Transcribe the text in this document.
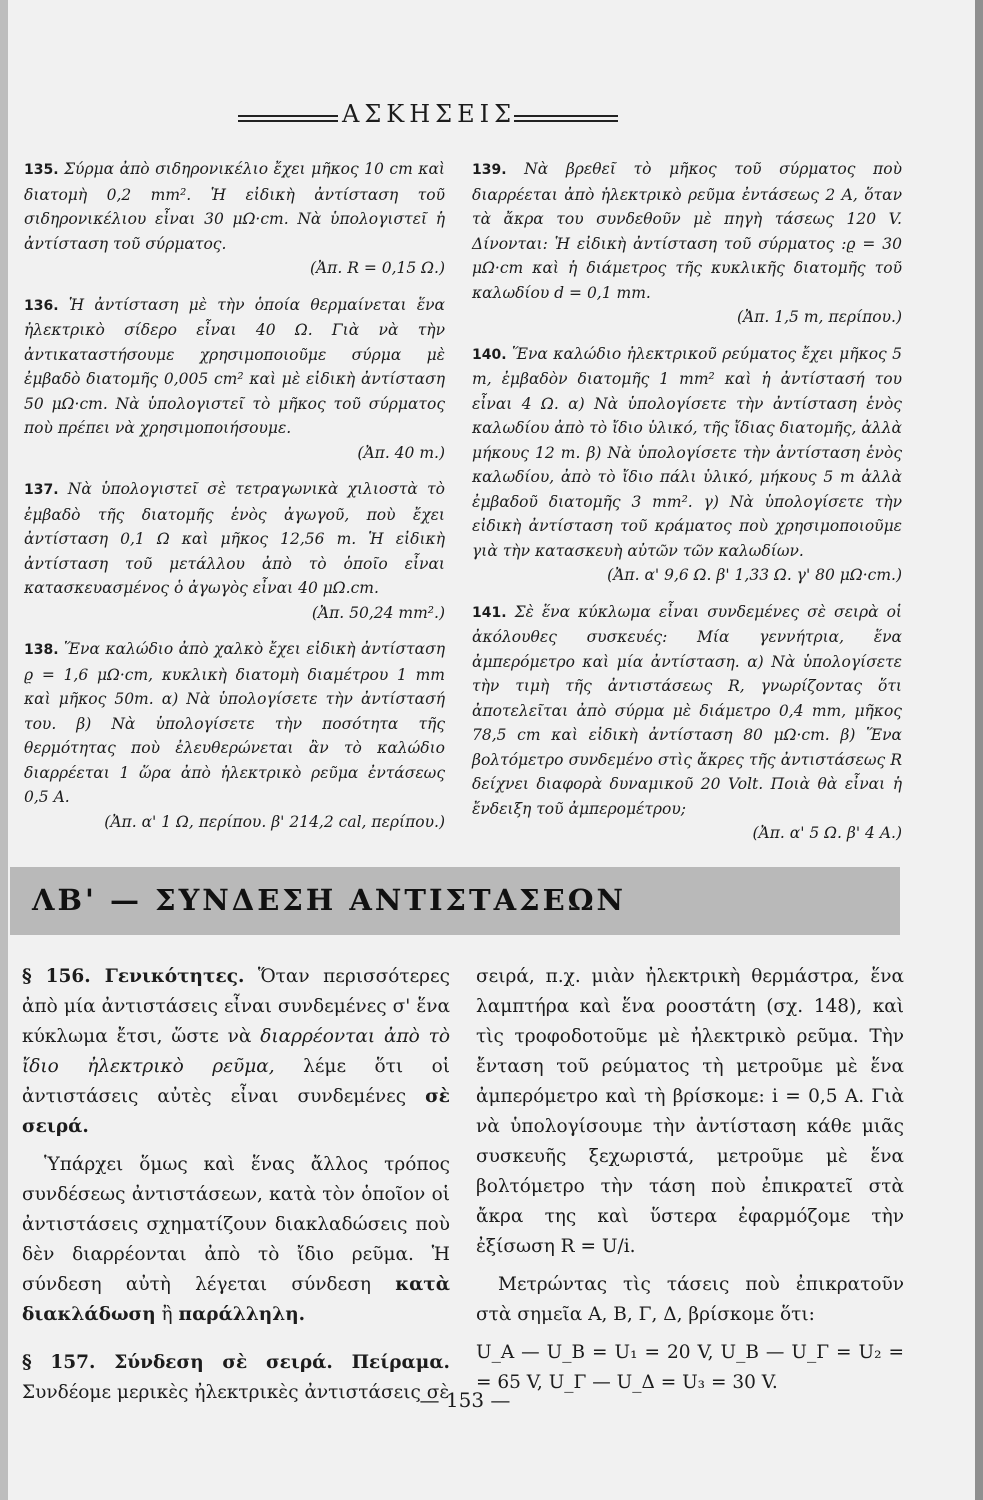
ΑΣΚΗΣΕΙΣ

135. Σύρμα ἀπὸ σιδηρονικέλιο ἔχει μῆκος 10 cm καὶ διατομὴ 0,2 mm². Ἡ εἰδικὴ ἀντίσταση τοῦ σιδηρονικέλιου εἶναι 30 μΩ·cm. Νὰ ὑπολογιστεῖ ἡ ἀντίσταση τοῦ σύρματος.
(Ἀπ. R = 0,15 Ω.)

136. Ἡ ἀντίσταση μὲ τὴν ὁποία θερμαίνεται ἕνα ἠλεκτρικὸ σίδερο εἶναι 40 Ω. Γιὰ νὰ τὴν ἀντικαταστήσουμε χρησιμοποιοῦμε σύρμα μὲ ἐμβαδὸ διατομῆς 0,005 cm² καὶ μὲ εἰδικὴ ἀντίσταση 50 μΩ·cm. Νὰ ὑπολογιστεῖ τὸ μῆκος τοῦ σύρματος ποὺ πρέπει νὰ χρησιμοποιήσουμε.
(Ἀπ. 40 m.)

137. Νὰ ὑπολογιστεῖ σὲ τετραγωνικὰ χιλιοστὰ τὸ ἐμβαδὸ τῆς διατομῆς ἑνὸς ἀγωγοῦ, ποὺ ἔχει ἀντίσταση 0,1 Ω καὶ μῆκος 12,56 m. Ἡ εἰδικὴ ἀντίσταση τοῦ μετάλλου ἀπὸ τὸ ὁποῖο εἶναι κατασκευασμένος ὁ ἀγωγὸς εἶναι 40 μΩ.cm.
(Ἀπ. 50,24 mm².)

138. Ἕνα καλώδιο ἀπὸ χαλκὸ ἔχει εἰδικὴ ἀντίσταση ϱ = 1,6 μΩ·cm, κυκλικὴ διατομὴ διαμέτρου 1 mm καὶ μῆκος 50m. α) Νὰ ὑπολογίσετε τὴν ἀντίστασή του. β) Νὰ ὑπολογίσετε τὴν ποσότητα τῆς θερμότητας ποὺ ἐλευθερώνεται ἂν τὸ καλώδιο διαρρέεται 1 ὥρα ἀπὸ ἠλεκτρικὸ ρεῦμα ἐντάσεως 0,5 A.
(Ἀπ. α' 1 Ω, περίπου. β' 214,2 cal, περίπου.)

139. Νὰ βρεθεῖ τὸ μῆκος τοῦ σύρματος ποὺ διαρρέεται ἀπὸ ἠλεκτρικὸ ρεῦμα ἐντάσεως 2 A, ὅταν τὰ ἄκρα του συνδεθοῦν μὲ πηγὴ τάσεως 120 V. Δίνονται: Ἡ εἰδικὴ ἀντίσταση τοῦ σύρματος :ϱ = 30 μΩ·cm καὶ ἡ διάμετρος τῆς κυκλικῆς διατομῆς τοῦ καλωδίου d = 0,1 mm.
(Ἀπ. 1,5 m, περίπου.)

140. Ἕνα καλώδιο ἠλεκτρικοῦ ρεύματος ἔχει μῆκος 5 m, ἐμβαδὸν διατομῆς 1 mm² καὶ ἡ ἀντίστασή του εἶναι 4 Ω. α) Νὰ ὑπολογίσετε τὴν ἀντίσταση ἑνὸς καλωδίου ἀπὸ τὸ ἴδιο ὑλικό, τῆς ἴδιας διατομῆς, ἀλλὰ μήκους 12 m. β) Νὰ ὑπολογίσετε τὴν ἀντίσταση ἑνὸς καλωδίου, ἀπὸ τὸ ἴδιο πάλι ὑλικό, μήκους 5 m ἀλλὰ ἐμβαδοῦ διατομῆς 3 mm². γ) Νὰ ὑπολογίσετε τὴν εἰδικὴ ἀντίσταση τοῦ κράματος ποὺ χρησιμοποιοῦμε γιὰ τὴν κατασκευὴ αὐτῶν τῶν καλωδίων.
(Ἀπ. α' 9,6 Ω. β' 1,33 Ω. γ' 80 μΩ·cm.)

141. Σὲ ἕνα κύκλωμα εἶναι συνδεμένες σὲ σειρὰ οἱ ἀκόλουθες συσκευές: Μία γεννήτρια, ἕνα ἀμπερόμετρο καὶ μία ἀντίσταση. α) Νὰ ὑπολογίσετε τὴν τιμὴ τῆς ἀντιστάσεως R, γνωρίζοντας ὅτι ἀποτελεῖται ἀπὸ σύρμα μὲ διάμετρο 0,4 mm, μῆκος 78,5 cm καὶ εἰδικὴ ἀντίσταση 80 μΩ·cm. β) Ἕνα βολτόμετρο συνδεμένο στὶς ἄκρες τῆς ἀντιστάσεως R δείχνει διαφορὰ δυναμικοῦ 20 Volt. Ποιὰ θὰ εἶναι ἡ ἔνδειξη τοῦ ἀμπερομέτρου;
(Ἀπ. α' 5 Ω. β' 4 A.)

ΛΒ' — ΣΥΝΔΕΣΗ ΑΝΤΙΣΤΑΣΕΩΝ

§ 156. Γενικότητες. Ὅταν περισσότερες ἀπὸ μία ἀντιστάσεις εἶναι συνδεμένες σ' ἕνα κύκλωμα ἔτσι, ὥστε νὰ διαρρέονται ἀπὸ τὸ ἴδιο ἠλεκτρικὸ ρεῦμα, λέμε ὅτι οἱ ἀντιστάσεις αὐτὲς εἶναι συνδεμένες σὲ σειρά.

Ὑπάρχει ὅμως καὶ ἕνας ἄλλος τρόπος συνδέσεως ἀντιστάσεων, κατὰ τὸν ὁποῖον οἱ ἀντιστάσεις σχηματίζουν διακλαδώσεις ποὺ δὲν διαρρέονται ἀπὸ τὸ ἴδιο ρεῦμα. Ἡ σύνδεση αὐτὴ λέγεται σύνδεση κατὰ διακλάδωση ἢ παράλληλη.

§ 157. Σύνδεση σὲ σειρά. Πείραμα. Συνδέομε μερικὲς ἠλεκτρικὲς ἀντιστάσεις σὲ

σειρά, π.χ. μιὰν ἠλεκτρικὴ θερμάστρα, ἕνα λαμπτήρα καὶ ἕνα ροοστάτη (σχ. 148), καὶ τὶς τροφοδοτοῦμε μὲ ἠλεκτρικὸ ρεῦμα. Τὴν ἔνταση τοῦ ρεύματος τὴ μετροῦμε μὲ ἕνα ἀμπερόμετρο καὶ τὴ βρίσκομε: i = 0,5 A. Γιὰ νὰ ὑπολογίσουμε τὴν ἀντίσταση κάθε μιᾶς συσκευῆς ξεχωριστά, μετροῦμε μὲ ἕνα βολτόμετρο τὴν τάση ποὺ ἐπικρατεῖ στὰ ἄκρα της καὶ ὕστερα ἐφαρμόζομε τὴν ἐξίσωση R = U/i.

Μετρώντας τὶς τάσεις ποὺ ἐπικρατοῦν στὰ σημεῖα A, B, Γ, Δ, βρίσκομε ὅτι:

U_A — U_B = U₁ = 20 V, U_B — U_Γ = U₂ = = 65 V, U_Γ — U_Δ = U₃ = 30 V.

— 153 —
